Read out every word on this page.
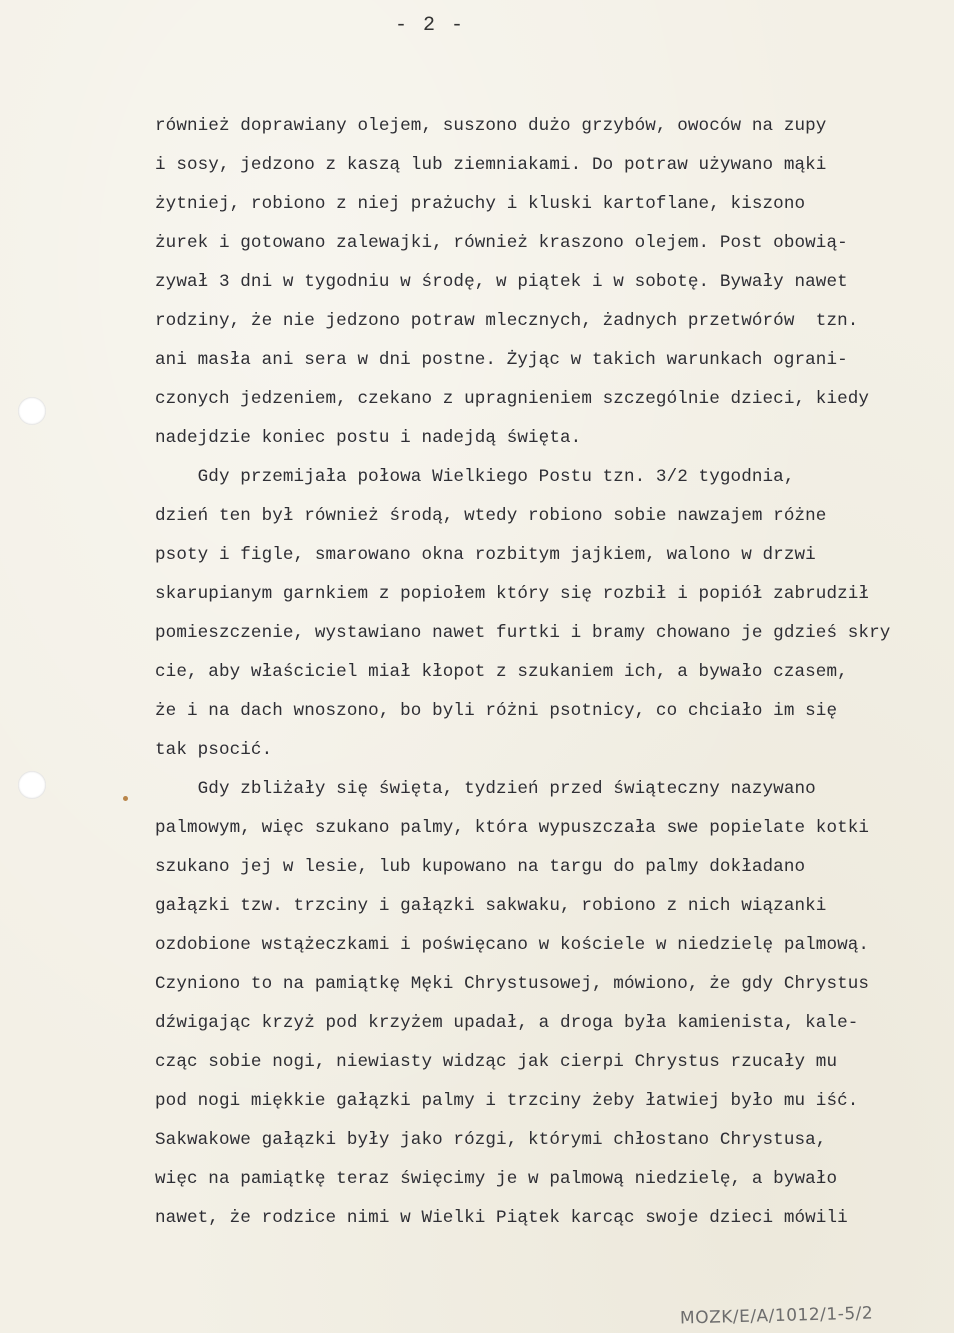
- 2 -
również doprawiany olejem, suszono dużo grzybów, owoców na zupy
i sosy, jedzono z kaszą lub ziemniakami. Do potraw używano mąki
żytniej, robiono z niej prażuchy i kluski kartoflane, kiszono
żurek i gotowano zalewajki, również kraszono olejem. Post obowią-
zywał 3 dni w tygodniu w środę, w piątek i w sobotę. Bywały nawet
rodziny, że nie jedzono potraw mlecznych, żadnych przetwórów  tzn.
ani masła ani sera w dni postne. Żyjąc w takich warunkach ograni-
czonych jedzeniem, czekano z upragnieniem szczególnie dzieci, kiedy
nadejdzie koniec postu i nadejdą święta.
Gdy przemijała połowa Wielkiego Postu tzn. 3/2 tygodnia,
dzień ten był również środą, wtedy robiono sobie nawzajem różne
psoty i figle, smarowano okna rozbitym jajkiem, walono w drzwi
skarupianym garnkiem z popiołem który się rozbił i popiół zabrudził
pomieszczenie, wystawiano nawet furtki i bramy chowano je gdzieś skry
cie, aby właściciel miał kłopot z szukaniem ich, a bywało czasem,
że i na dach wnoszono, bo byli różni psotnicy, co chciało im się
tak psocić.
Gdy zbliżały się święta, tydzień przed świąteczny nazywano
palmowym, więc szukano palmy, która wypuszczała swe popielate kotki
szukano jej w lesie, lub kupowano na targu do palmy dokładano
gałązki tzw. trzciny i gałązki sakwaku, robiono z nich wiązanki
ozdobione wstążeczkami i poświęcano w kościele w niedzielę palmową.
Czyniono to na pamiątkę Męki Chrystusowej, mówiono, że gdy Chrystus
dźwigając krzyż pod krzyżem upadał, a droga była kamienista, kale-
cząc sobie nogi, niewiasty widząc jak cierpi Chrystus rzucały mu
pod nogi miękkie gałązki palmy i trzciny żeby łatwiej było mu iść.
Sakwakowe gałązki były jako rózgi, którymi chłostano Chrystusa,
więc na pamiątkę teraz święcimy je w palmową niedzielę, a bywało
nawet, że rodzice nimi w Wielki Piątek karcąc swoje dzieci mówili
MOZK/E/A/1012/1-5/2
